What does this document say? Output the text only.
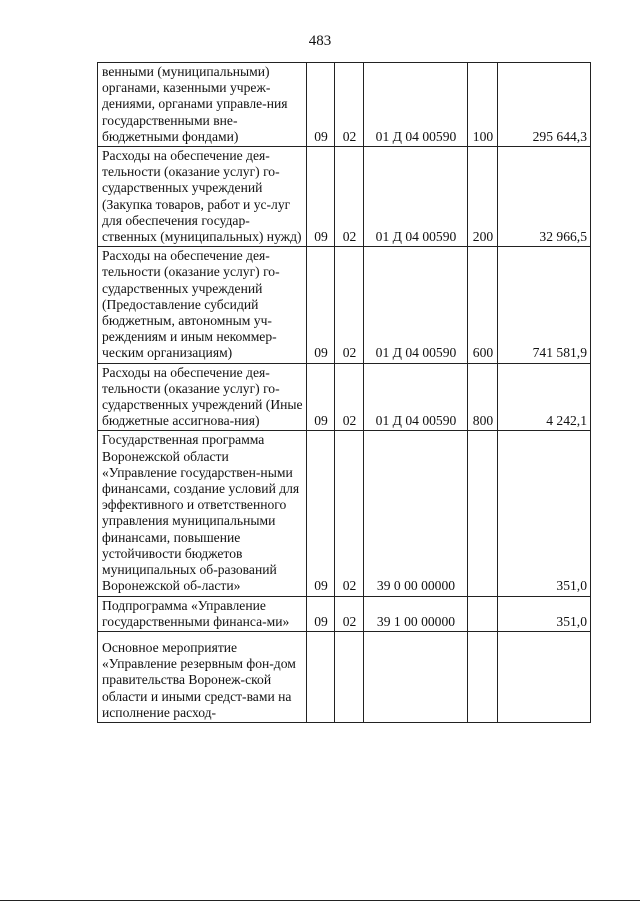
483
венными (муниципальными) органами, казенными учреж-дениями, органами управле-ния государственными вне-бюджетными фондами)	09	02	01 Д 04 00590	100	295 644,3
Расходы на обеспечение дея-тельности (оказание услуг) го-сударственных учреждений (Закупка товаров, работ и ус-луг для обеспечения государ-ственных (муниципальных) нужд)	09	02	01 Д 04 00590	200	32 966,5
Расходы на обеспечение дея-тельности (оказание услуг) го-сударственных учреждений (Предоставление субсидий бюджетным, автономным уч-реждениям и иным некоммер-ческим организациям)	09	02	01 Д 04 00590	600	741 581,9
Расходы на обеспечение дея-тельности (оказание услуг) го-сударственных учреждений (Иные бюджетные ассигнова-ния)	09	02	01 Д 04 00590	800	4 242,1
Государственная программа Воронежской области «Управление государствен-ными финансами, создание условий для эффективного и ответственного управления муниципальными финансами, повышение устойчивости бюджетов муниципальных об-разований Воронежской об-ласти»	09	02	39 0 00 00000		351,0
Подпрограмма «Управление государственными финанса-ми»	09	02	39 1 00 00000		351,0
Основное мероприятие «Управление резервным фон-дом правительства Воронеж-ской области и иными средст-вами на исполнение расход-					
